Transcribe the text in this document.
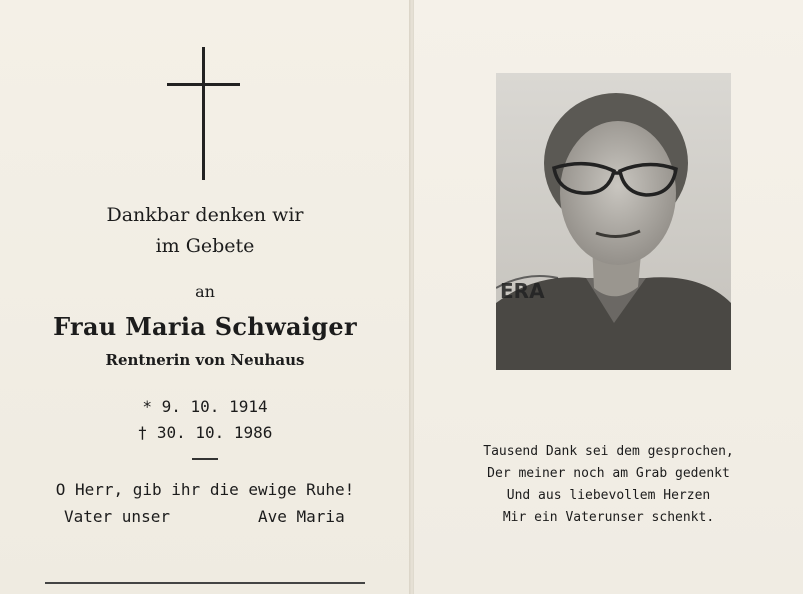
Dankbar denken wir
im Gebete
an
Frau Maria Schwaiger
Rentnerin von Neuhaus
* 9. 10. 1914
† 30. 10. 1986
O Herr, gib ihr die ewige Ruhe!
Vater unser	Ave Maria
ERA
Tausend Dank sei dem gesprochen,
Der meiner noch am Grab gedenkt
Und aus liebevollem Herzen
Mir ein Vaterunser schenkt.
